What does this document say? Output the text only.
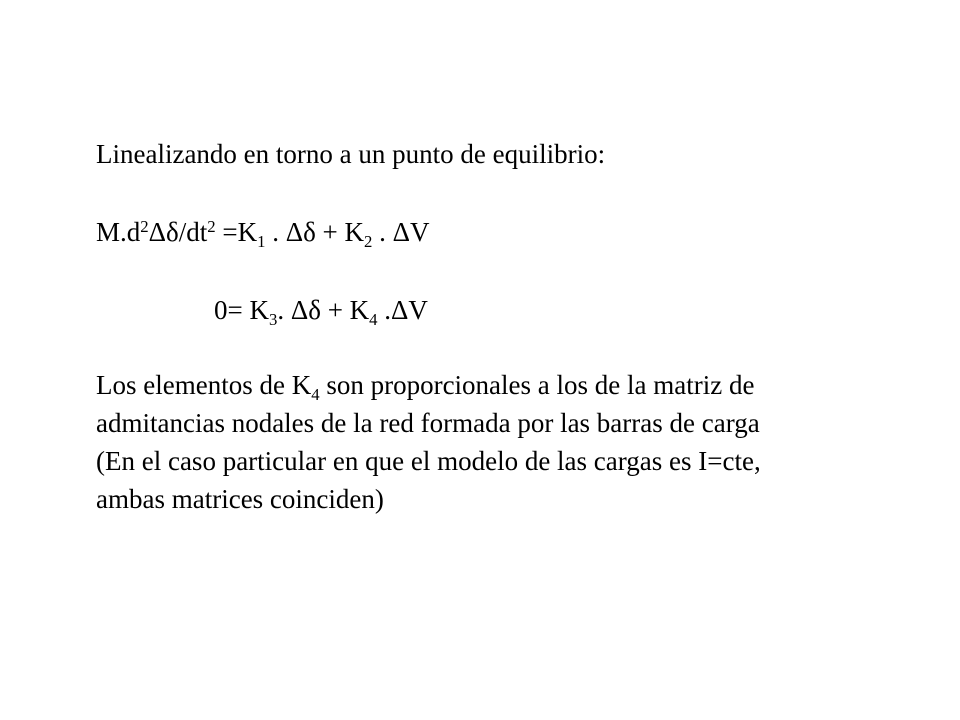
Linealizando en torno a un punto de equilibrio:
$M.d^2\Delta\delta/dt^2 =K_1$ . $\Delta\delta + K_2$ . ΔV
$0= K_3$. $\Delta\delta + K_4$ .ΔV
Los elementos de $K_4$ son proporcionales a los de la matriz de
admitancias nodales de la red formada por las barras de carga
(En el caso particular en que el modelo de las cargas es I=cte,
ambas matrices coinciden)
